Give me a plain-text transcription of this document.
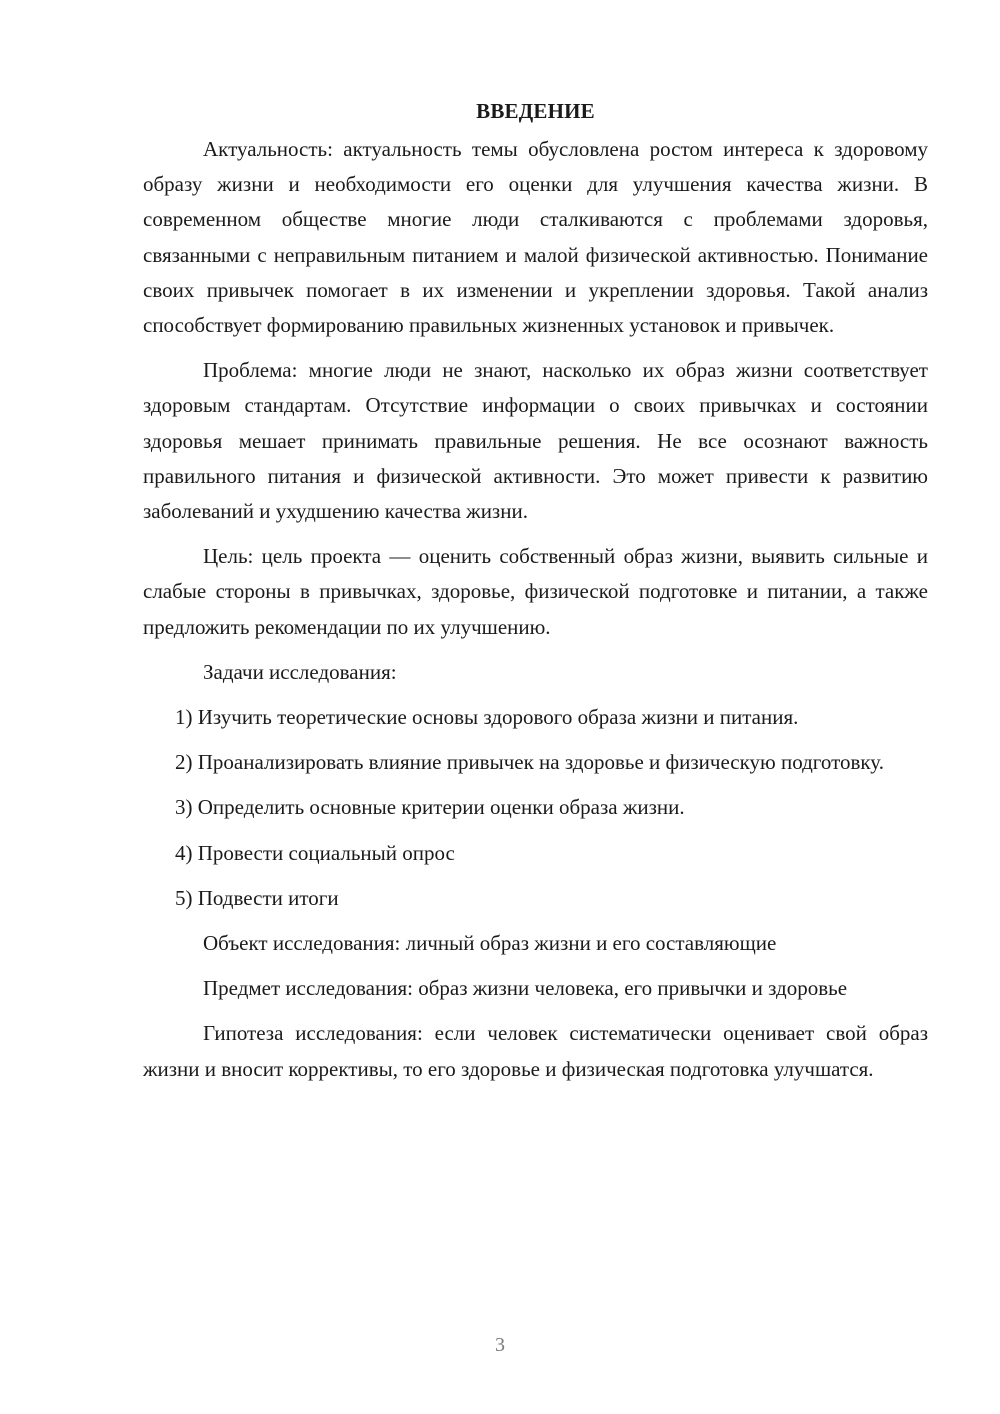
ВВЕДЕНИЕ

Актуальность: актуальность темы обусловлена ростом интереса к здоровому образу жизни и необходимости его оценки для улучшения качества жизни. В современном обществе многие люди сталкиваются с проблемами здоровья, связанными с неправильным питанием и малой физической активностью. Понимание своих привычек помогает в их изменении и укреплении здоровья. Такой анализ способствует формированию правильных жизненных установок и привычек.

Проблема: многие люди не знают, насколько их образ жизни соответствует здоровым стандартам. Отсутствие информации о своих привычках и состоянии здоровья мешает принимать правильные решения. Не все осознают важность правильного питания и физической активности. Это может привести к развитию заболеваний и ухудшению качества жизни.

Цель: цель проекта — оценить собственный образ жизни, выявить сильные и слабые стороны в привычках, здоровье, физической подготовке и питании, а также предложить рекомендации по их улучшению.

Задачи исследования:

1) Изучить теоретические основы здорового образа жизни и питания.

2) Проанализировать влияние привычек на здоровье и физическую подготовку.

3) Определить основные критерии оценки образа жизни.

4) Провести социальный опрос

5) Подвести итоги

Объект исследования: личный образ жизни и его составляющие

Предмет исследования: образ жизни человека, его привычки и здоровье

Гипотеза исследования: если человек систематически оценивает свой образ жизни и вносит коррективы, то его здоровье и физическая подготовка улучшатся.

3
